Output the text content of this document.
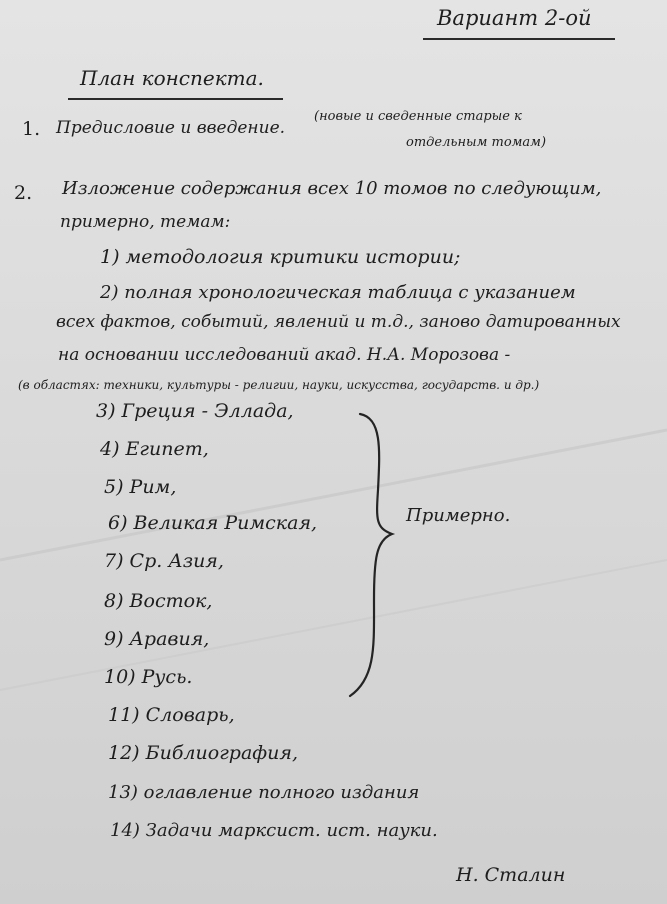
Вариант 2-ой
План конспекта.
1. Предисловие и введение.
(новые и сведенные старые к
отдельным томам)
2. Изложение содержания всех 10 томов по следующим,
примерно, темам:
1) методология критики истории;
2) полная хронологическая таблица с указанием
всех фактов, событий, явлений и т.д., заново датированных
на основании исследований акад. Н.А. Морозова -
(в областях: техники, культуры - религии, науки, искусства, государств. и др.)
3) Греция - Эллада,
4) Египет,
5) Рим,
6) Великая Римская,
7) Ср. Азия,
8) Восток,
9) Аравия,
10) Русь.
11) Словарь,
12) Библиография,
13) оглавление полного издания
14) Задачи марксист. ист. науки.
Примерно.
Н. Сталин
